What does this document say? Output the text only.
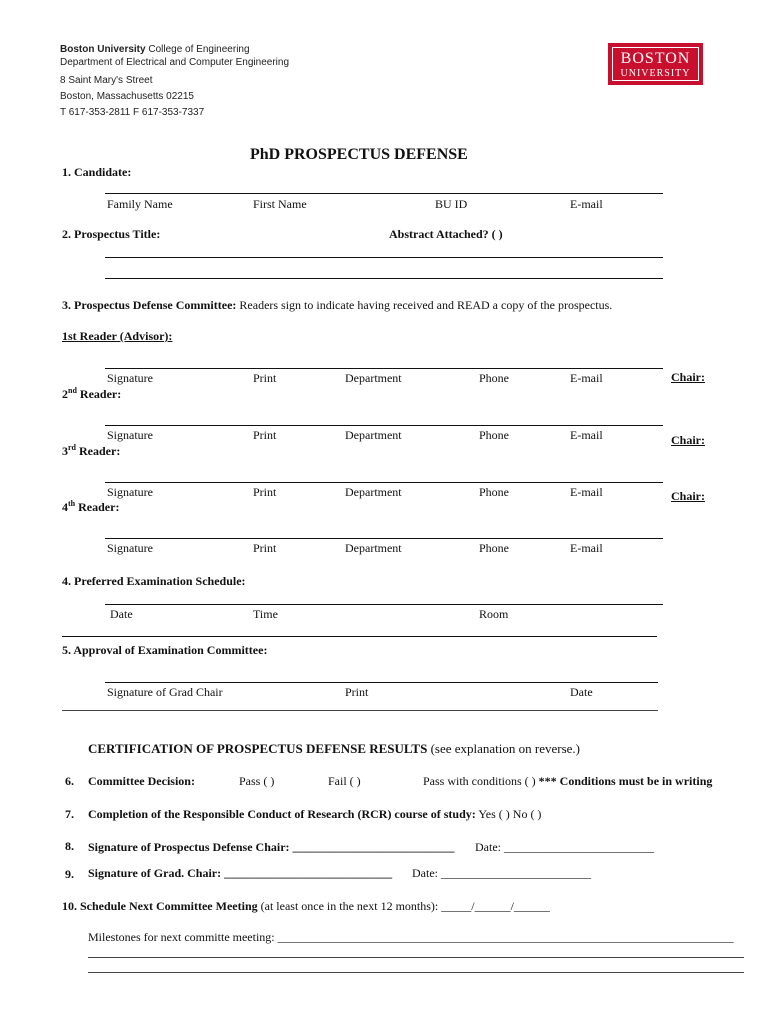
Boston University College of Engineering
Department of Electrical and Computer Engineering
8 Saint Mary's Street
Boston, Massachusetts 02215
T 617-353-2811 F 617-353-7337
BOSTON
UNIVERSITY
PhD PROSPECTUS DEFENSE
1. Candidate:
Family Name	First Name	BU ID	E-mail
2. Prospectus Title:	Abstract Attached? ( )
3. Prospectus Defense Committee: Readers sign to indicate having received and READ a copy of the prospectus.
1st Reader (Advisor):
Signature	Print	Department	Phone	E-mail	Chair:
2nd Reader:
Signature	Print	Department	Phone	E-mail	Chair:
3rd Reader:
Signature	Print	Department	Phone	E-mail	Chair:
4th Reader:
Signature	Print	Department	Phone	E-mail
4. Preferred Examination Schedule:
Date	Time	Room
5. Approval of Examination Committee:
Signature of Grad Chair	Print	Date
CERTIFICATION OF PROSPECTUS DEFENSE RESULTS (see explanation on reverse.)
6. Committee Decision:	Pass ( )	Fail ( )	Pass with conditions ( ) *** Conditions must be in writing
7. Completion of the Responsible Conduct of Research (RCR) course of study: Yes ( ) No ( )
8. Signature of Prospectus Defense Chair: ___________________________ Date: _________________________
9. Signature of Grad. Chair: ____________________________ Date: _________________________
10. Schedule Next Committee Meeting (at least once in the next 12 months): _____/______/______
Milestones for next committe meeting: ____________________________________________________________________________
